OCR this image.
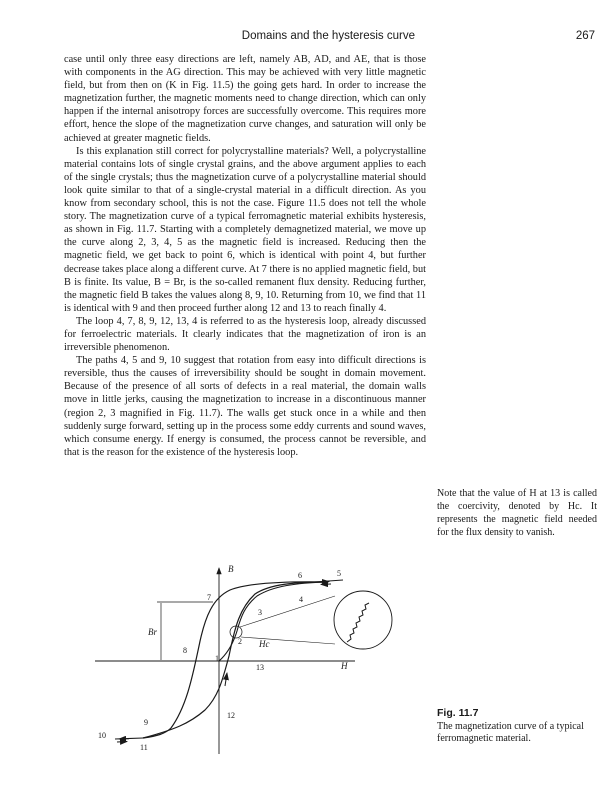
Domains and the hysteresis curve	267

case until only three easy directions are left, namely AB, AD, and AE, that is those with components in the AG direction. This may be achieved with very little magnetic field, but from then on (K in Fig. 11.5) the going gets hard. In order to increase the magnetization further, the magnetic moments need to change direction, which can only happen if the internal anisotropy forces are successfully overcome. This requires more effort, hence the slope of the magnetization curve changes, and saturation will only be achieved at greater magnetic fields.

Is this explanation still correct for polycrystalline materials? Well, a polycrystalline material contains lots of single crystal grains, and the above argument applies to each of the single crystals; thus the magnetization curve of a polycrystalline material should look quite similar to that of a single-crystal material in a difficult direction. As you know from secondary school, this is not the case. Figure 11.5 does not tell the whole story. The magnetization curve of a typical ferromagnetic material exhibits hysteresis, as shown in Fig. 11.7. Starting with a completely demagnetized material, we move up the curve along 2, 3, 4, 5 as the magnetic field is increased. Reducing then the magnetic field, we get back to point 6, which is identical with point 4, but further decrease takes place along a different curve. At 7 there is no applied magnetic field, but B is finite. Its value, B = Br, is the so-called remanent flux density. Reducing further, the magnetic field B takes the values along 8, 9, 10. Returning from 10, we find that 11 is identical with 9 and then proceed further along 12 and 13 to reach finally 4.

The loop 4, 7, 8, 9, 12, 13, 4 is referred to as the hysteresis loop, already discussed for ferroelectric materials. It clearly indicates that the magnetization of iron is an irreversible phenomenon.

The paths 4, 5 and 9, 10 suggest that rotation from easy into difficult directions is reversible, thus the causes of irreversibility should be sought in domain movement. Because of the presence of all sorts of defects in a real material, the domain walls move in little jerks, causing the magnetization to increase in a discontinuous manner (region 2, 3 magnified in Fig. 11.7). The walls get stuck once in a while and then suddenly surge forward, setting up in the process some eddy currents and sound waves, which consume energy. If energy is consumed, the process cannot be reversible, and that is the reason for the existence of the hysteresis loop.

Note that the value of H at 13 is called the coercivity, denoted by Hc. It represents the magnetic field needed for the flux density to vanish.
B
H
Br
Hc
1
2
3
4
5
6
7
8
9
10
11
12
13
Fig. 11.7
The magnetization curve of a typical ferromagnetic material.
